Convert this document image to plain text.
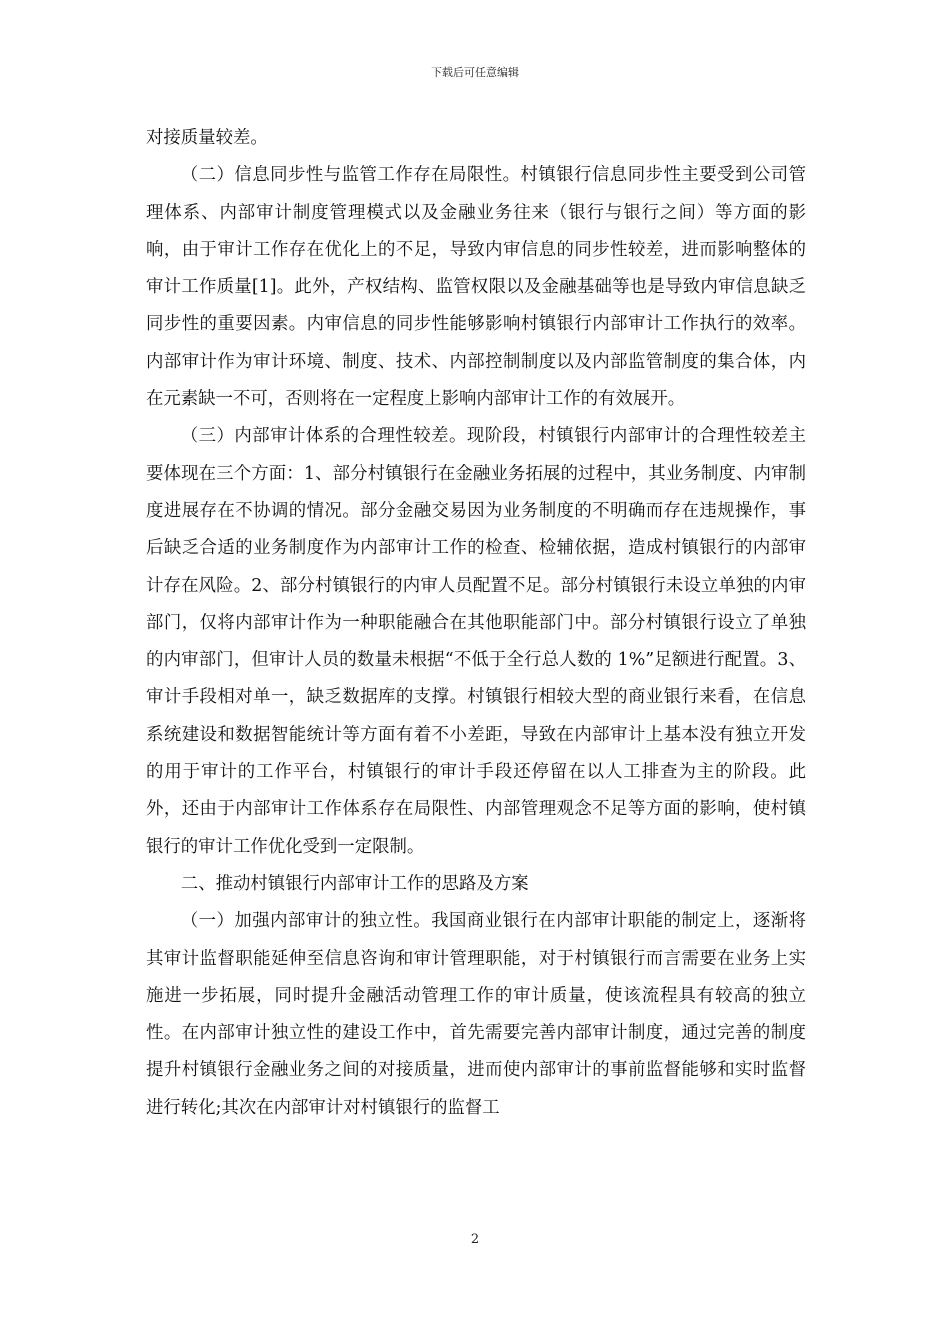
下载后可任意编辑

对接质量较差。

（二）信息同步性与监管工作存在局限性。村镇银行信息同步性主要受到公司管理体系、内部审计制度管理模式以及金融业务往来（银行与银行之间）等方面的影响，由于审计工作存在优化上的不足，导致内审信息的同步性较差，进而影响整体的审计工作质量[1]。此外，产权结构、监管权限以及金融基础等也是导致内审信息缺乏同步性的重要因素。内审信息的同步性能够影响村镇银行内部审计工作执行的效率。内部审计作为审计环境、制度、技术、内部控制制度以及内部监管制度的集合体，内在元素缺一不可，否则将在一定程度上影响内部审计工作的有效展开。

（三）内部审计体系的合理性较差。现阶段，村镇银行内部审计的合理性较差主要体现在三个方面：1、部分村镇银行在金融业务拓展的过程中，其业务制度、内审制度进展存在不协调的情况。部分金融交易因为业务制度的不明确而存在违规操作，事后缺乏合适的业务制度作为内部审计工作的检查、检辅依据，造成村镇银行的内部审计存在风险。2、部分村镇银行的内审人员配置不足。部分村镇银行未设立单独的内审部门，仅将内部审计作为一种职能融合在其他职能部门中。部分村镇银行设立了单独的内审部门，但审计人员的数量未根据“不低于全行总人数的 1%”足额进行配置。3、审计手段相对单一，缺乏数据库的支撑。村镇银行相较大型的商业银行来看，在信息系统建设和数据智能统计等方面有着不小差距，导致在内部审计上基本没有独立开发的用于审计的工作平台，村镇银行的审计手段还停留在以人工排查为主的阶段。此外，还由于内部审计工作体系存在局限性、内部管理观念不足等方面的影响，使村镇银行的审计工作优化受到一定限制。

二、推动村镇银行内部审计工作的思路及方案

（一）加强内部审计的独立性。我国商业银行在内部审计职能的制定上，逐渐将其审计监督职能延伸至信息咨询和审计管理职能，对于村镇银行而言需要在业务上实施进一步拓展，同时提升金融活动管理工作的审计质量，使该流程具有较高的独立性。在内部审计独立性的建设工作中，首先需要完善内部审计制度，通过完善的制度提升村镇银行金融业务之间的对接质量，进而使内部审计的事前监督能够和实时监督进行转化;其次在内部审计对村镇银行的监督工

2
